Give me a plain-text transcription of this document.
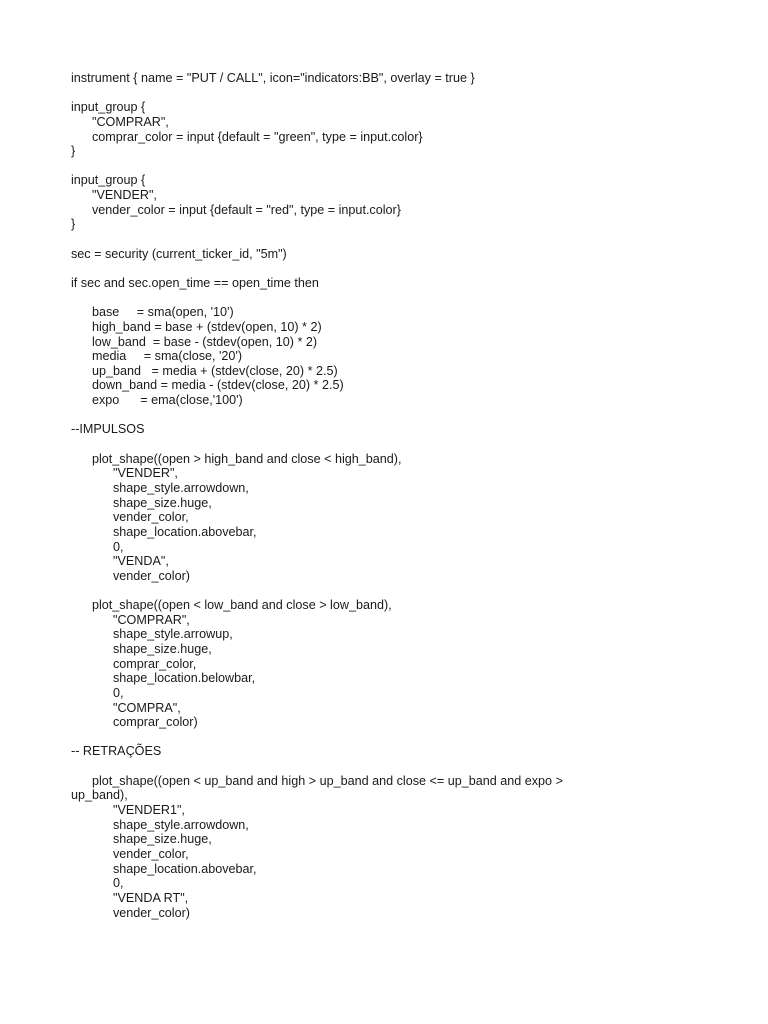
instrument { name = "PUT / CALL", icon="indicators:BB", overlay = true }
input_group {
"COMPRAR",
comprar_color = input {default = "green", type = input.color}
}
input_group {
"VENDER",
vender_color = input {default = "red", type = input.color}
}
sec = security (current_ticker_id, "5m")
if sec and sec.open_time == open_time then
base     = sma(open, '10')
high_band = base + (stdev(open, 10) * 2)
low_band  = base - (stdev(open, 10) * 2)
media     = sma(close, '20')
up_band   = media + (stdev(close, 20) * 2.5)
down_band = media - (stdev(close, 20) * 2.5)
expo      = ema(close,'100')
--IMPULSOS
plot_shape((open > high_band and close < high_band),
"VENDER",
shape_style.arrowdown,
shape_size.huge,
vender_color,
shape_location.abovebar,
0,
"VENDA",
vender_color)
plot_shape((open < low_band and close > low_band),
"COMPRAR",
shape_style.arrowup,
shape_size.huge,
comprar_color,
shape_location.belowbar,
0,
"COMPRA",
comprar_color)
-- RETRAÇÕES
plot_shape((open < up_band and high > up_band and close <= up_band and expo >
up_band),
"VENDER1",
shape_style.arrowdown,
shape_size.huge,
vender_color,
shape_location.abovebar,
0,
"VENDA RT",
vender_color)
